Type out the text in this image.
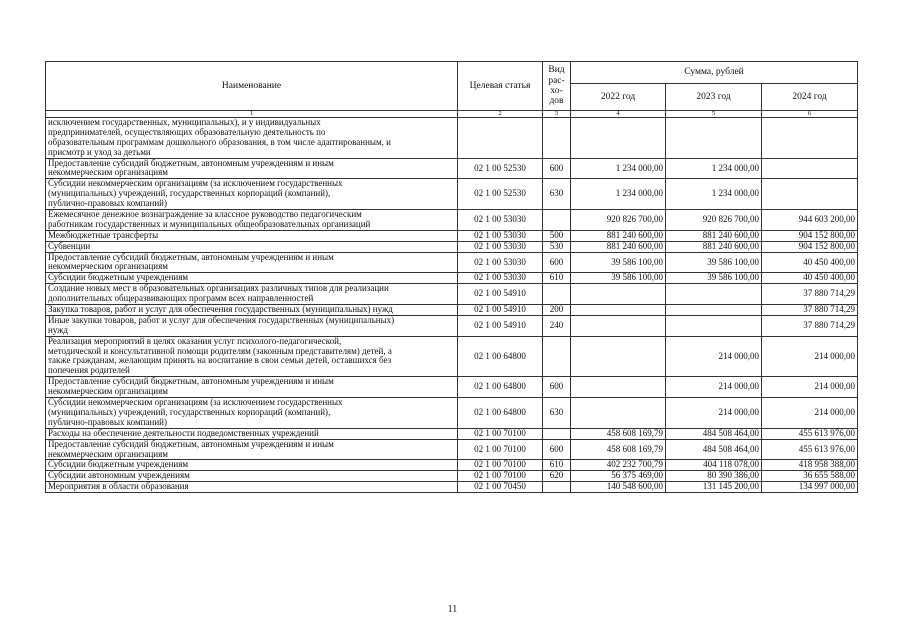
Наименование	Целевая статья	Вид рас-хо-дов	Сумма, рублей		
			2022 год	2023 год	2024 год
1	2	3	4	5	6

исключением государственных, муниципальных), и у индивидуальных
предпринимателей, осуществляющих образовательную деятельность по
образовательным программам дошкольного образования, в том числе адаптированным, и
присмотр и уход за детьми					

Предоставление субсидий бюджетным, автономным учреждениям и иным
некоммерческим организациям	02 1 00 52530	600	1 234 000,00	1 234 000,00	

Субсидии некоммерческим организациям (за исключением государственных
(муниципальных) учреждений, государственных корпораций (компаний),
публично-правовых компаний)	02 1 00 52530	630	1 234 000,00	1 234 000,00	

Ежемесячное денежное вознаграждение за классное руководство педагогическим
работникам государственных и муниципальных общеобразовательных организаций	02 1 00 53030		920 826 700,00	920 826 700,00	944 603 200,00

Межбюджетные трансферты	02 1 00 53030	500	881 240 600,00	881 240 600,00	904 152 800,00

Субвенции	02 1 00 53030	530	881 240 600,00	881 240 600,00	904 152 800,00

Предоставление субсидий бюджетным, автономным учреждениям и иным
некоммерческим организациям	02 1 00 53030	600	39 586 100,00	39 586 100,00	40 450 400,00

Субсидии бюджетным учреждениям	02 1 00 53030	610	39 586 100,00	39 586 100,00	40 450 400,00

Создание новых мест в образовательных организациях различных типов для реализации
дополнительных общеразвивающих программ всех направленностей	02 1 00 54910				37 880 714,29

Закупка товаров, работ и услуг для обеспечения государственных (муниципальных) нужд	02 1 00 54910	200			37 880 714,29

Иные закупки товаров, работ и услуг для обеспечения государственных (муниципальных)
нужд	02 1 00 54910	240			37 880 714,29

Реализация мероприятий в целях оказания услуг психолого-педагогической,
методической и консультативной помощи родителям (законным представителям) детей, а
также гражданам, желающим принять на воспитание в свои семьи детей, оставшихся без
попечения родителей	02 1 00 64800			214 000,00	214 000,00

Предоставление субсидий бюджетным, автономным учреждениям и иным
некоммерческим организациям	02 1 00 64800	600		214 000,00	214 000,00

Субсидии некоммерческим организациям (за исключением государственных
(муниципальных) учреждений, государственных корпораций (компаний),
публично-правовых компаний)	02 1 00 64800	630		214 000,00	214 000,00

Расходы на обеспечение деятельности подведомственных учреждений	02 1 00 70100		458 608 169,79	484 508 464,00	455 613 976,00

Предоставление субсидий бюджетным, автономным учреждениям и иным
некоммерческим организациям	02 1 00 70100	600	458 608 169,79	484 508 464,00	455 613 976,00

Субсидии бюджетным учреждениям	02 1 00 70100	610	402 232 700,79	404 118 078,00	418 958 388,00

Субсидии автономным учреждениям	02 1 00 70100	620	56 375 469,00	80 390 386,00	36 655 588,00

Мероприятия в области образования	02 1 00 70450		140 548 600,00	131 145 200,00	134 997 000,00
11
